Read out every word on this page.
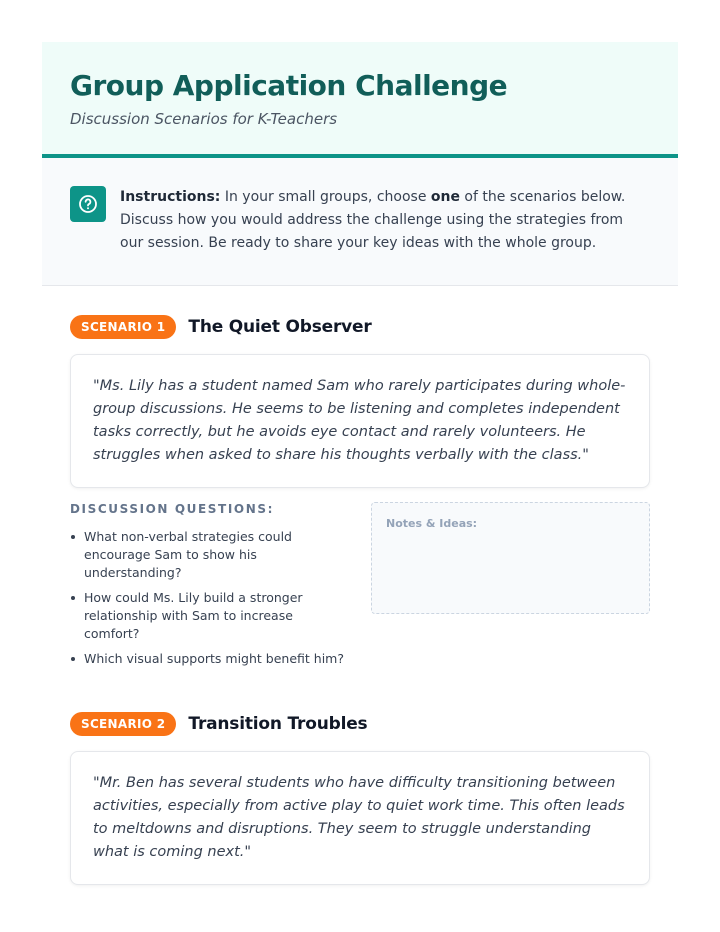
Group Application Challenge
Discussion Scenarios for K-Teachers
Instructions: In your small groups, choose one of the scenarios below. Discuss how you would address the challenge using the strategies from our session. Be ready to share your key ideas with the whole group.
SCENARIO 1	The Quiet Observer
"Ms. Lily has a student named Sam who rarely participates during whole-group discussions. He seems to be listening and completes independent tasks correctly, but he avoids eye contact and rarely volunteers. He struggles when asked to share his thoughts verbally with the class."
DISCUSSION QUESTIONS:
What non-verbal strategies could encourage Sam to show his understanding?
How could Ms. Lily build a stronger relationship with Sam to increase comfort?
Which visual supports might benefit him?
Notes & Ideas:
SCENARIO 2	Transition Troubles
"Mr. Ben has several students who have difficulty transitioning between activities, especially from active play to quiet work time. This often leads to meltdowns and disruptions. They seem to struggle understanding what is coming next."
